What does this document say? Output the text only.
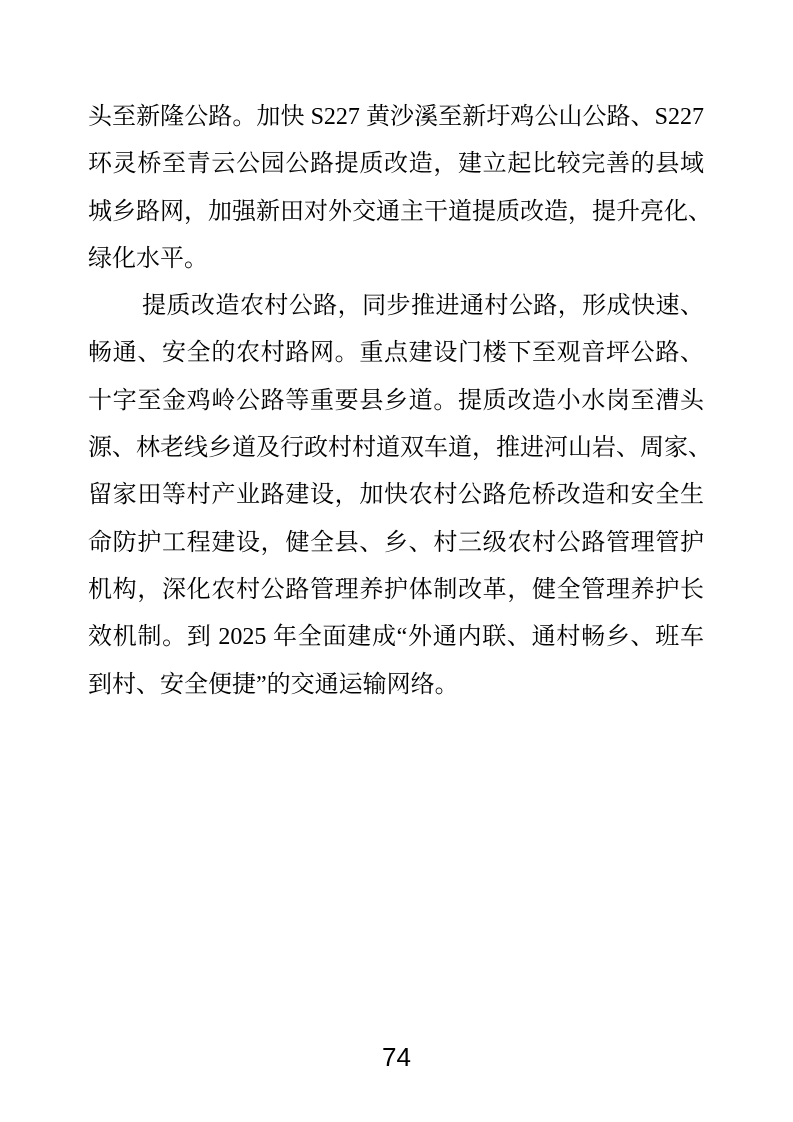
头至新隆公路。加快 S227 黄沙溪至新圩鸡公山公路、S227
环灵桥至青云公园公路提质改造，建立起比较完善的县域
城乡路网，加强新田对外交通主干道提质改造，提升亮化、
绿化水平。
提质改造农村公路，同步推进通村公路，形成快速、
畅通、安全的农村路网。重点建设门楼下至观音坪公路、
十字至金鸡岭公路等重要县乡道。提质改造小水岗至漕头
源、林老线乡道及行政村村道双车道，推进河山岩、周家、
留家田等村产业路建设，加快农村公路危桥改造和安全生
命防护工程建设，健全县、乡、村三级农村公路管理管护
机构，深化农村公路管理养护体制改革，健全管理养护长
效机制。到 2025 年全面建成“外通内联、通村畅乡、班车
到村、安全便捷”的交通运输网络。
74
